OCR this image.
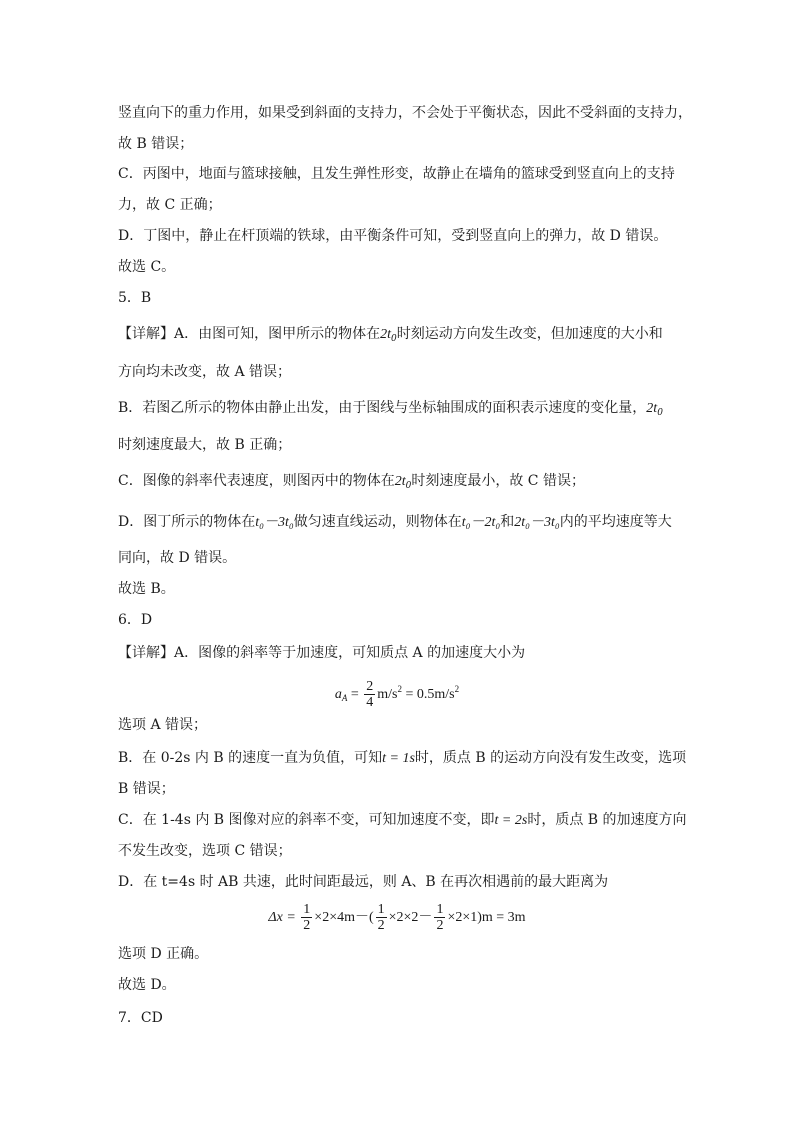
竖直向下的重力作用，如果受到斜面的支持力，不会处于平衡状态，因此不受斜面的支持力，
故 B 错误；
C．丙图中，地面与篮球接触，且发生弹性形变，故静止在墙角的篮球受到竖直向上的支持
力，故 C 正确；
D．丁图中，静止在杆顶端的铁球，由平衡条件可知，受到竖直向上的弹力，故 D 错误。
故选 C。
5．B
【详解】A．由图可知，图甲所示的物体在$2t_0$时刻运动方向发生改变，但加速度的大小和
方向均未改变，故 A 错误；
B．若图乙所示的物体由静止出发，由于图线与坐标轴围成的面积表示速度的变化量，$2t_0$
时刻速度最大，故 B 正确；
C．图像的斜率代表速度，则图丙中的物体在$2t_0$时刻速度最小，故 C 错误；
D．图丁所示的物体在t₀－3t₀做匀速直线运动，则物体在t₀－2t₀和2t₀－3t₀内的平均速度等大
同向，故 D 错误。
故选 B。
6．D
【详解】A．图像的斜率等于加速度，可知质点 A 的加速度大小为
$a_A = \frac{2}{4} m/s^2 = 0.5m/s^2$
选项 A 错误；
B．在 0-2s 内 B 的速度一直为负值，可知t = 1s时，质点 B 的运动方向没有发生改变，选项
B 错误；
C．在 1-4s 内 B 图像对应的斜率不变，可知加速度不变，即t = 2s时，质点 B 的加速度方向
不发生改变，选项 C 错误；
D．在 t=4s 时 AB 共速，此时间距最远，则 A、B 在再次相遇前的最大距离为
$\Delta x = \frac{1}{2} \times 2\times 4m-( \frac{1}{2} \times 2\times 2- \frac{1}{2} \times 2\times 1)m = 3m$
选项 D 正确。
故选 D。
7．CD
